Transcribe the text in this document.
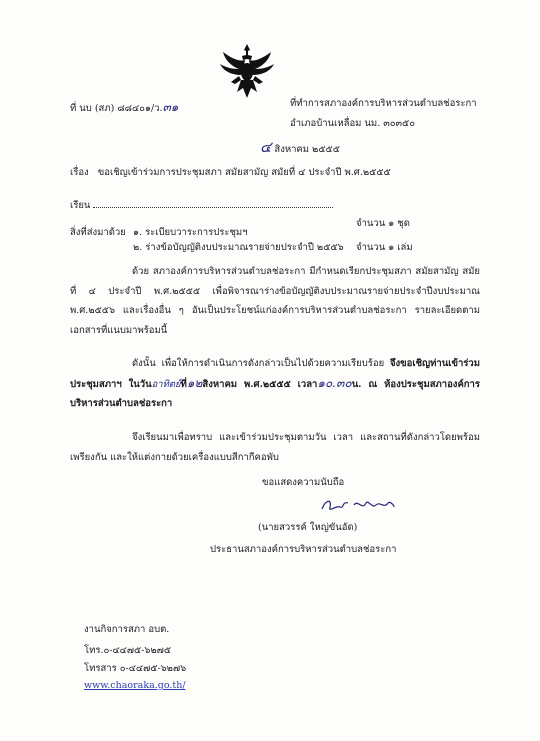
ที่ นบ (สภ) ๘๘๔๐๑/ว.๓๑	ที่ทำการสภาองค์การบริหารส่วนตำบลช่อระกา
อำเภอบ้านเหลื่อม นม. ๓๐๓๕๐
๔ สิงหาคม ๒๕๕๕
เรื่อง ขอเชิญเข้าร่วมการประชุมสภา สมัยสามัญ สมัยที่ ๔ ประจำปี พ.ศ.๒๕๕๕
เรียน
สิ่งที่ส่งมาด้วย ๑. ระเบียบวาระการประชุมฯ
จำนวน ๑ ชุด
๒. ร่างข้อบัญญัติงบประมาณรายจ่ายประจำปี ๒๕๕๖ จำนวน ๑ เล่ม
ด้วย สภาองค์การบริหารส่วนตำบลช่อระกา มีกำหนดเรียกประชุมสภา สมัยสามัญ สมัยที่ ๔ ประจำปี พ.ศ.๒๕๕๕ เพื่อพิจารณาร่างข้อบัญญัติงบประมาณรายจ่ายประจำปีงบประมาณ พ.ศ.๒๕๕๖ และเรื่องอื่น ๆ อันเป็นประโยชน์แก่องค์การบริหารส่วนตำบลช่อระกา รายละเอียดตามเอกสารที่แนบมาพร้อมนี้
ดังนั้น เพื่อให้การดำเนินการดังกล่าวเป็นไปด้วยความเรียบร้อย จึงขอเชิญท่านเข้าร่วมประชุมสภาฯ ในวันอาทิตย์ที่๑๒สิงหาคม พ.ศ.๒๕๕๕ เวลา๑๐.๓๐น. ณ ห้องประชุมสภาองค์การบริหารส่วนตำบลช่อระกา
จึงเรียนมาเพื่อทราบ และเข้าร่วมประชุมตามวัน เวลา และสถานที่ดังกล่าวโดยพร้อมเพรียงกัน และให้แต่งกายด้วยเครื่องแบบสีกากีคอพับ
ขอแสดงความนับถือ
(นายสวรรค์ ใหญ่ขันอัด)
ประธานสภาองค์การบริหารส่วนตำบลช่อระกา
งานกิจการสภา อบต.
โทร.๐-๔๔๗๕-๖๒๗๕
โทรสาร ๐-๔๔๗๕-๖๒๗๖
www.chaoraka.go.th/
